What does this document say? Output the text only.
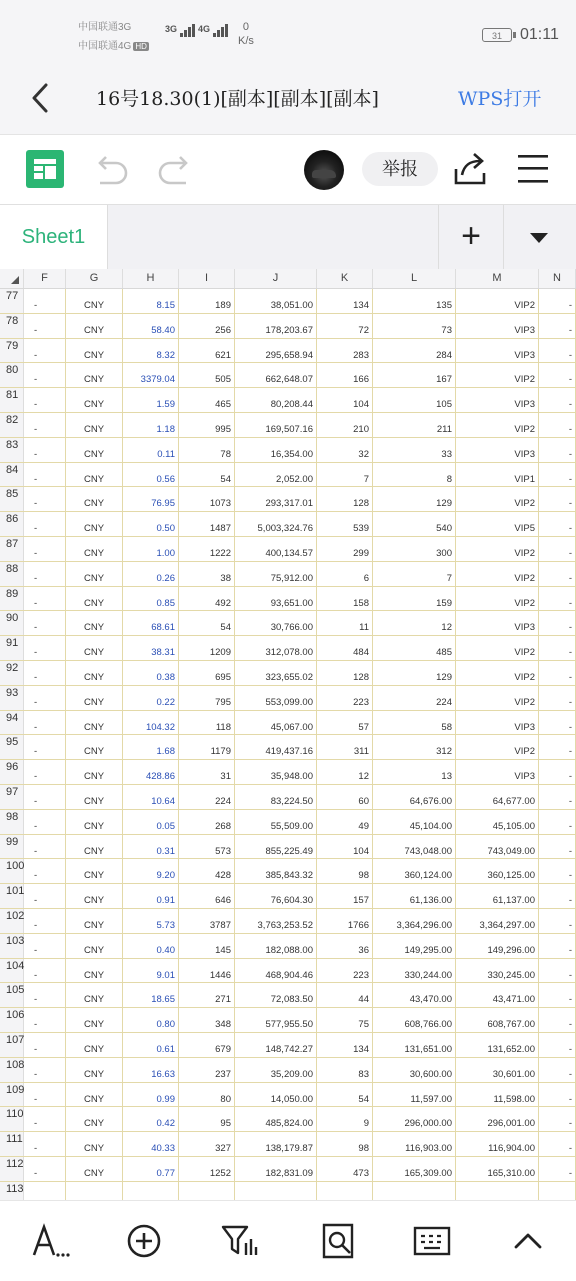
中国联通3G
中国联通4G HD
3G	4G	0
K/s	31	01:11
16号18.30(1)[副本][副本][副本]	WPS打开
举报
Sheet1	+
F	G	H	I	J	K	L	M	N
77
-	CNY	8.15	189	38,051.00	134	135	VIP2	-
78
-	CNY	58.40	256	178,203.67	72	73	VIP3	-
79
-	CNY	8.32	621	295,658.94	283	284	VIP3	-
80
-	CNY	3379.04	505	662,648.07	166	167	VIP2	-
81
-	CNY	1.59	465	80,208.44	104	105	VIP3	-
82
-	CNY	1.18	995	169,507.16	210	211	VIP2	-
83
-	CNY	0.11	78	16,354.00	32	33	VIP3	-
84
-	CNY	0.56	54	2,052.00	7	8	VIP1	-
85
-	CNY	76.95	1073	293,317.01	128	129	VIP2	-
86
-	CNY	0.50	1487	5,003,324.76	539	540	VIP5	-
87
-	CNY	1.00	1222	400,134.57	299	300	VIP2	-
88
-	CNY	0.26	38	75,912.00	6	7	VIP2	-
89
-	CNY	0.85	492	93,651.00	158	159	VIP2	-
90
-	CNY	68.61	54	30,766.00	11	12	VIP3	-
91
-	CNY	38.31	1209	312,078.00	484	485	VIP2	-
92
-	CNY	0.38	695	323,655.02	128	129	VIP2	-
93
-	CNY	0.22	795	553,099.00	223	224	VIP2	-
94
-	CNY	104.32	118	45,067.00	57	58	VIP3	-
95
-	CNY	1.68	1179	419,437.16	311	312	VIP2	-
96
-	CNY	428.86	31	35,948.00	12	13	VIP3	-
97
-	CNY	10.64	224	83,224.50	60	64,676.00	64,677.00	-
98
-	CNY	0.05	268	55,509.00	49	45,104.00	45,105.00	-
99
-	CNY	0.31	573	855,225.49	104	743,048.00	743,049.00	-
100
-	CNY	9.20	428	385,843.32	98	360,124.00	360,125.00	-
101
-	CNY	0.91	646	76,604.30	157	61,136.00	61,137.00	-
102
-	CNY	5.73	3787	3,763,253.52	1766	3,364,296.00	3,364,297.00	-
103
-	CNY	0.40	145	182,088.00	36	149,295.00	149,296.00	-
104
-	CNY	9.01	1446	468,904.46	223	330,244.00	330,245.00	-
105
-	CNY	18.65	271	72,083.50	44	43,470.00	43,471.00	-
106
-	CNY	0.80	348	577,955.50	75	608,766.00	608,767.00	-
107
-	CNY	0.61	679	148,742.27	134	131,651.00	131,652.00	-
108
-	CNY	16.63	237	35,209.00	83	30,600.00	30,601.00	-
109
-	CNY	0.99	80	14,050.00	54	11,597.00	11,598.00	-
110
-	CNY	0.42	95	485,824.00	9	296,000.00	296,001.00	-
111
-	CNY	40.33	327	138,179.87	98	116,903.00	116,904.00	-
112
-	CNY	0.77	1252	182,831.09	473	165,309.00	165,310.00	-
113
